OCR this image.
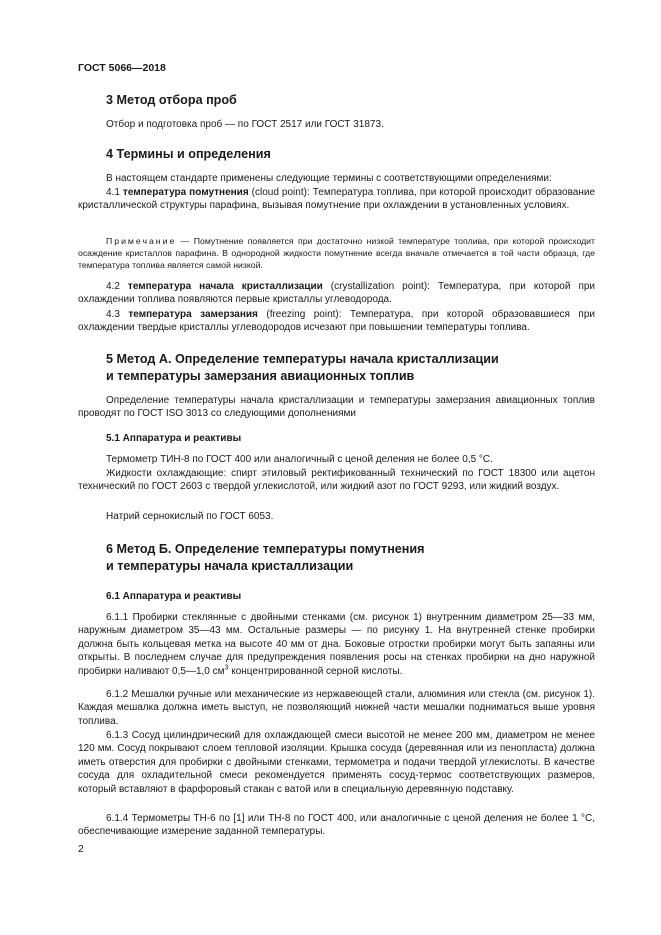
ГОСТ 5066—2018
3 Метод отбора проб

Отбор и подготовка проб — по ГОСТ 2517 или ГОСТ 31873.

4 Термины и определения

В настоящем стандарте применены следующие термины с соответствующими определениями:

4.1 температура помутнения (cloud point): Температура топлива, при которой происходит образование кристаллической структуры парафина, вызывая помутнение при охлаждении в установленных условиях.

Примечание — Помутнение появляется при достаточно низкой температуре топлива, при которой происходит осаждение кристаллов парафина. В однородной жидкости помутнение всегда вначале отмечается в той части образца, где температура топлива является самой низкой.

4.2 температура начала кристаллизации (crystallization point): Температура, при которой при охлаждении топлива появляются первые кристаллы углеводорода.

4.3 температура замерзания (freezing point): Температура, при которой образовавшиеся при охлаждении твердые кристаллы углеводородов исчезают при повышении температуры топлива.

5 Метод А. Определение температуры начала кристаллизации
и температуры замерзания авиационных топлив

Определение температуры начала кристаллизации и температуры замерзания авиационных топлив проводят по ГОСТ ISO 3013 со следующими дополнениями

5.1 Аппаратура и реактивы

Термометр ТИН-8 по ГОСТ 400 или аналогичный с ценой деления не более 0,5 °С.

Жидкости охлаждающие: спирт этиловый ректификованный технический по ГОСТ 18300 или ацетон технический по ГОСТ 2603 с твердой углекислотой, или жидкий азот по ГОСТ 9293, или жидкий воздух.

Натрий сернокислый по ГОСТ 6053.

6 Метод Б. Определение температуры помутнения
и температуры начала кристаллизации
6.1 Аппаратура и реактивы

6.1.1 Пробирки стеклянные с двойными стенками (см. рисунок 1) внутренним диаметром 25—33 мм, наружным диаметром 35—43 мм. Остальные размеры — по рисунку 1. На внутренней стенке пробирки должна быть кольцевая метка на высоте 40 мм от дна. Боковые отростки пробирки могут быть запаяны или открыты. В последнем случае для предупреждения появления росы на стенках пробирки на дно наружной пробирки наливают 0,5—1,0 $см^3$ концентрированной серной кислоты.

6.1.2 Мешалки ручные или механические из нержавеющей стали, алюминия или стекла (см. рисунок 1). Каждая мешалка должна иметь выступ, не позволяющий нижней части мешалки подниматься выше уровня топлива.

6.1.3 Сосуд цилиндрический для охлаждающей смеси высотой не менее 200 мм, диаметром не менее 120 мм. Сосуд покрывают слоем тепловой изоляции. Крышка сосуда (деревянная или из пенопласта) должна иметь отверстия для пробирки с двойными стенками, термометра и подачи твердой углекислоты. В качестве сосуда для охладительной смеси рекомендуется применять сосуд-термос соответствующих размеров, который вставляют в фарфоровый стакан с ватой или в специальную деревянную подставку.

6.1.4 Термометры ТН-6 по [1] или ТН-8 по ГОСТ 400, или аналогичные с ценой деления не более 1 °С, обеспечивающие измерение заданной температуры.

2
